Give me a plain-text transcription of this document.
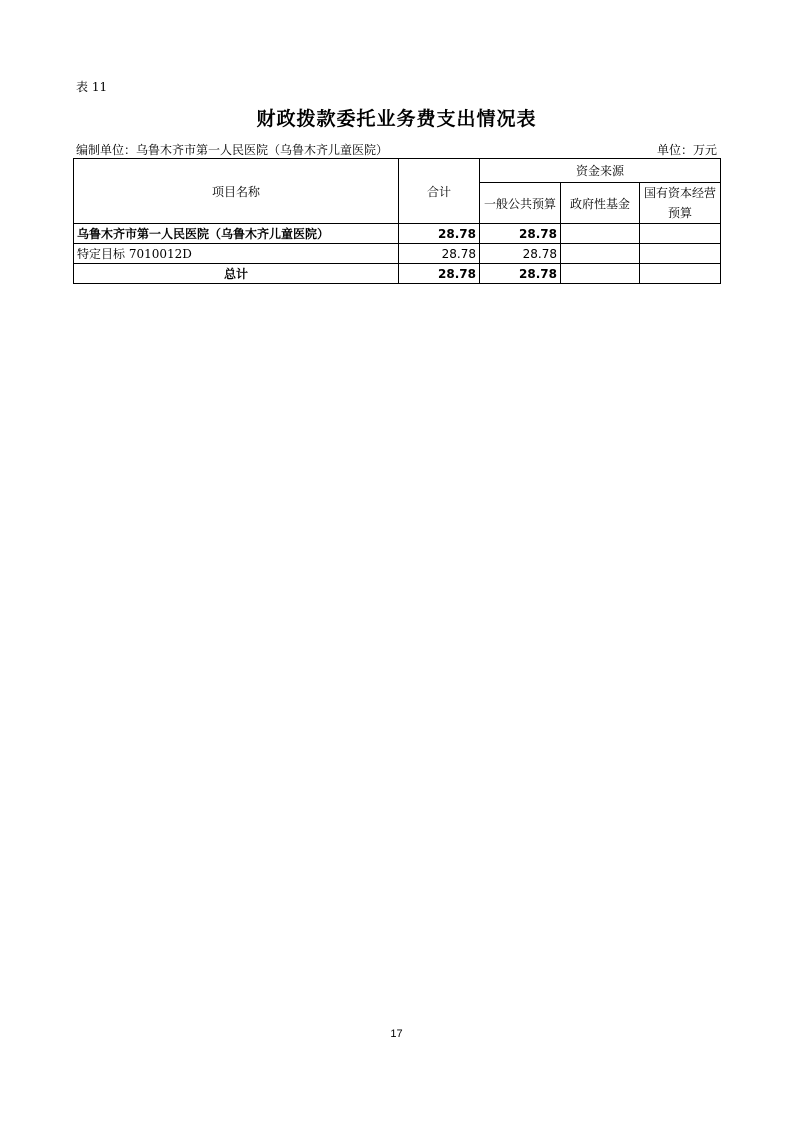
表 11
财政拨款委托业务费支出情况表
编制单位：乌鲁木齐市第一人民医院（乌鲁木齐儿童医院）	单位：万元
项目名称	合计	资金来源		
		一般公共预算	政府性基金	国有资本经营预算
乌鲁木齐市第一人民医院（乌鲁木齐儿童医院）	28.78	28.78		
特定目标 7010012D	28.78	28.78		
总计	28.78	28.78		
17
